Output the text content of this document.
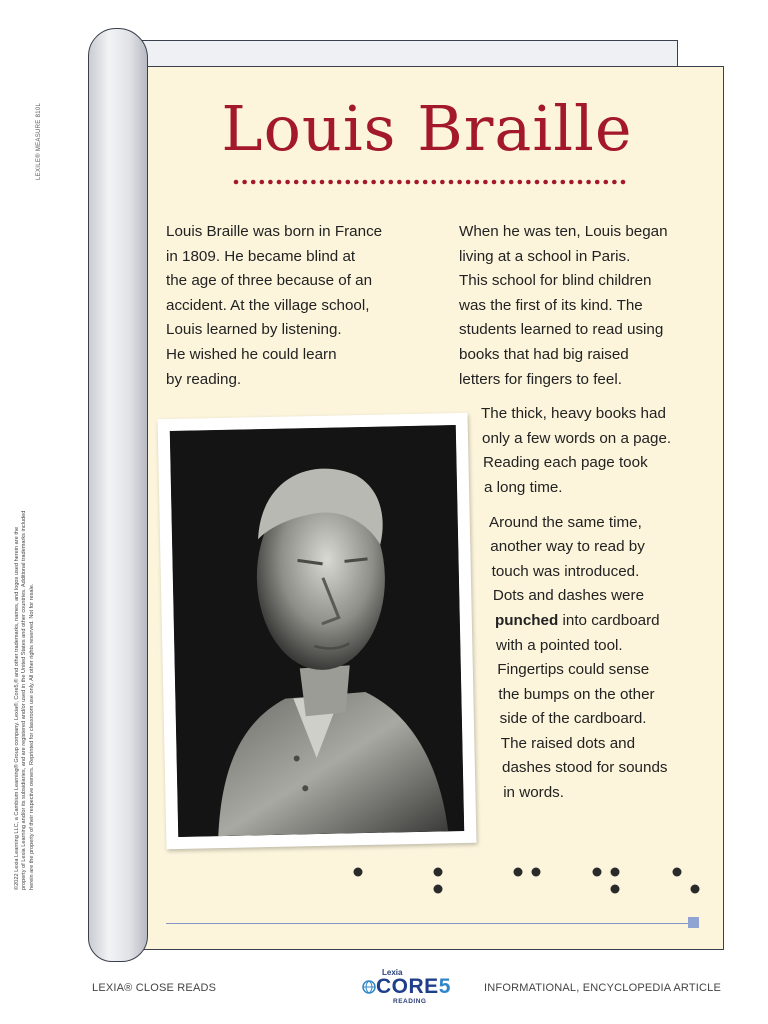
LEXILE® MEASURE 810L
©2022 Lexia Learning LLC, a Cambium Learning® Group company. Lexia®, Core5,® and other trademarks, names, and logos used herein are the property of Lexia Learning and/or its subsidiaries, and are registered and/or used in the United States and other countries. Additional trademarks included herein are the property of their respective owners. Reprinted for classroom use only. All other rights reserved. Not for resale.
Louis Braille
Louis Braille was born in France
in 1809. He became blind at
the age of three because of an
accident. At the village school,
Louis learned by listening.
He wished he could learn
by reading.
When he was ten, Louis began
living at a school in Paris.
This school for blind children
was the first of its kind. The
students learned to read using
books that had big raised
letters for fingers to feel.
The thick, heavy books had
only a few words on a page.
Reading each page took
a long time.
Around the same time,
another way to read by
touch was introduced.
Dots and dashes were
punched into cardboard
with a pointed tool.
Fingertips could sense
the bumps on the other
side of the cardboard.
The raised dots and
dashes stood for sounds
in words.
LEXIA® CLOSE READS
Lexia
CORE5
READING
INFORMATIONAL, ENCYCLOPEDIA ARTICLE
